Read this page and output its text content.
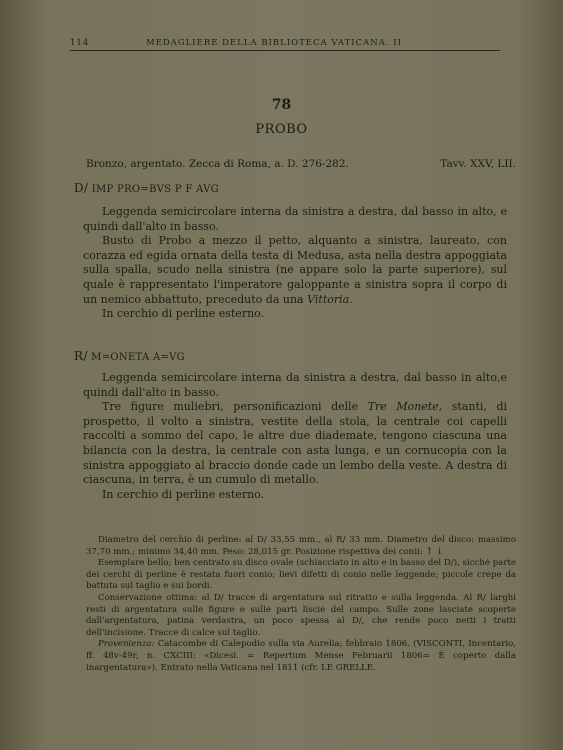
114	MEDAGLIERE DELLA BIBLIOTECA VATICANA. II
78
PROBO
Bronzo, argentato. Zecca di Roma, a. D. 276-282.	Tavv. XXV, LII.
D/ IMP PRO=BVS P F AVG

Leggenda semicircolare interna da sinistra a destra, dal basso in alto, e quindi dall'alto in basso.

Busto di Probo a mezzo il petto, alquanto a sinistra, laureato, con corazza ed egida ornata della testa di Medusa, asta nella destra appoggiata sulla spalla, scudo nella sinistra (ne appare solo la parte superiore), sul quale è rappresentato l'imperatore galoppante a sinistra sopra il corpo di un nemico abbattuto, preceduto da una Vittoria.

In cerchio di perline esterno.

R/ M=ONETA A=VG

Leggenda semicircolare interna da sinistra a destra, dal basso in alto,e quindi dall'alto in basso.

Tre figure muliebri, personificazioni delle Tre Monete, stanti, di prospetto, il volto a sinistra, vestite della stola, la centrale coi capelli raccolti a sommo del capo, le altre due diademate, tengono ciascuna una bilancia con la destra, la centrale con asta lunga, e un cornucopia con la sinistra appoggiato al braccio donde cade un lembo della veste. A destra di ciascuna, in terra, è un cumulo di metallo.

In cerchio di perline esterno.

Diametro del cerchio di perline: al D/ 33,55 mm., al R/ 33 mm. Diametro del disco: massimo 37,70 mm.; minimo 34,40 mm. Peso: 28,015 gr. Posizione rispettiva dei conii: ↑ ↓

Esemplare bello; ben centrato su disco ovale (schiacciato in alto e in basso del D/), sicché parte dei cerchi di perline è restata fuori conio; lievi difetti di conio nelle leggende; piccole crepe da battuta sul taglio e sui bordi.

Conservazione ottima: al D/ tracce di argentatura sul ritratto e sulla leggenda. Al R/ larghi resti di argentatura sulle figure e sulle parti liscie del campo. Sulle zone lasciate scoperte dall'argentatura, patina verdastra, un poco spessa al D/, che rende poco netti i tratti dell'incisione. Tracce di calce sul taglio.

Provenienza: Catacombe di Calepodio sulla via Aurelia; febbraio 1806. (VISCONTI, Incentario, ff. 48v-49r, n. CXCIII: «Dicesi. = Repertum Mense Februarii 1806= È coperto dalla inargentatura»). Entrato nella Vaticana nel 1811 (cfr. LE GRELLE.
